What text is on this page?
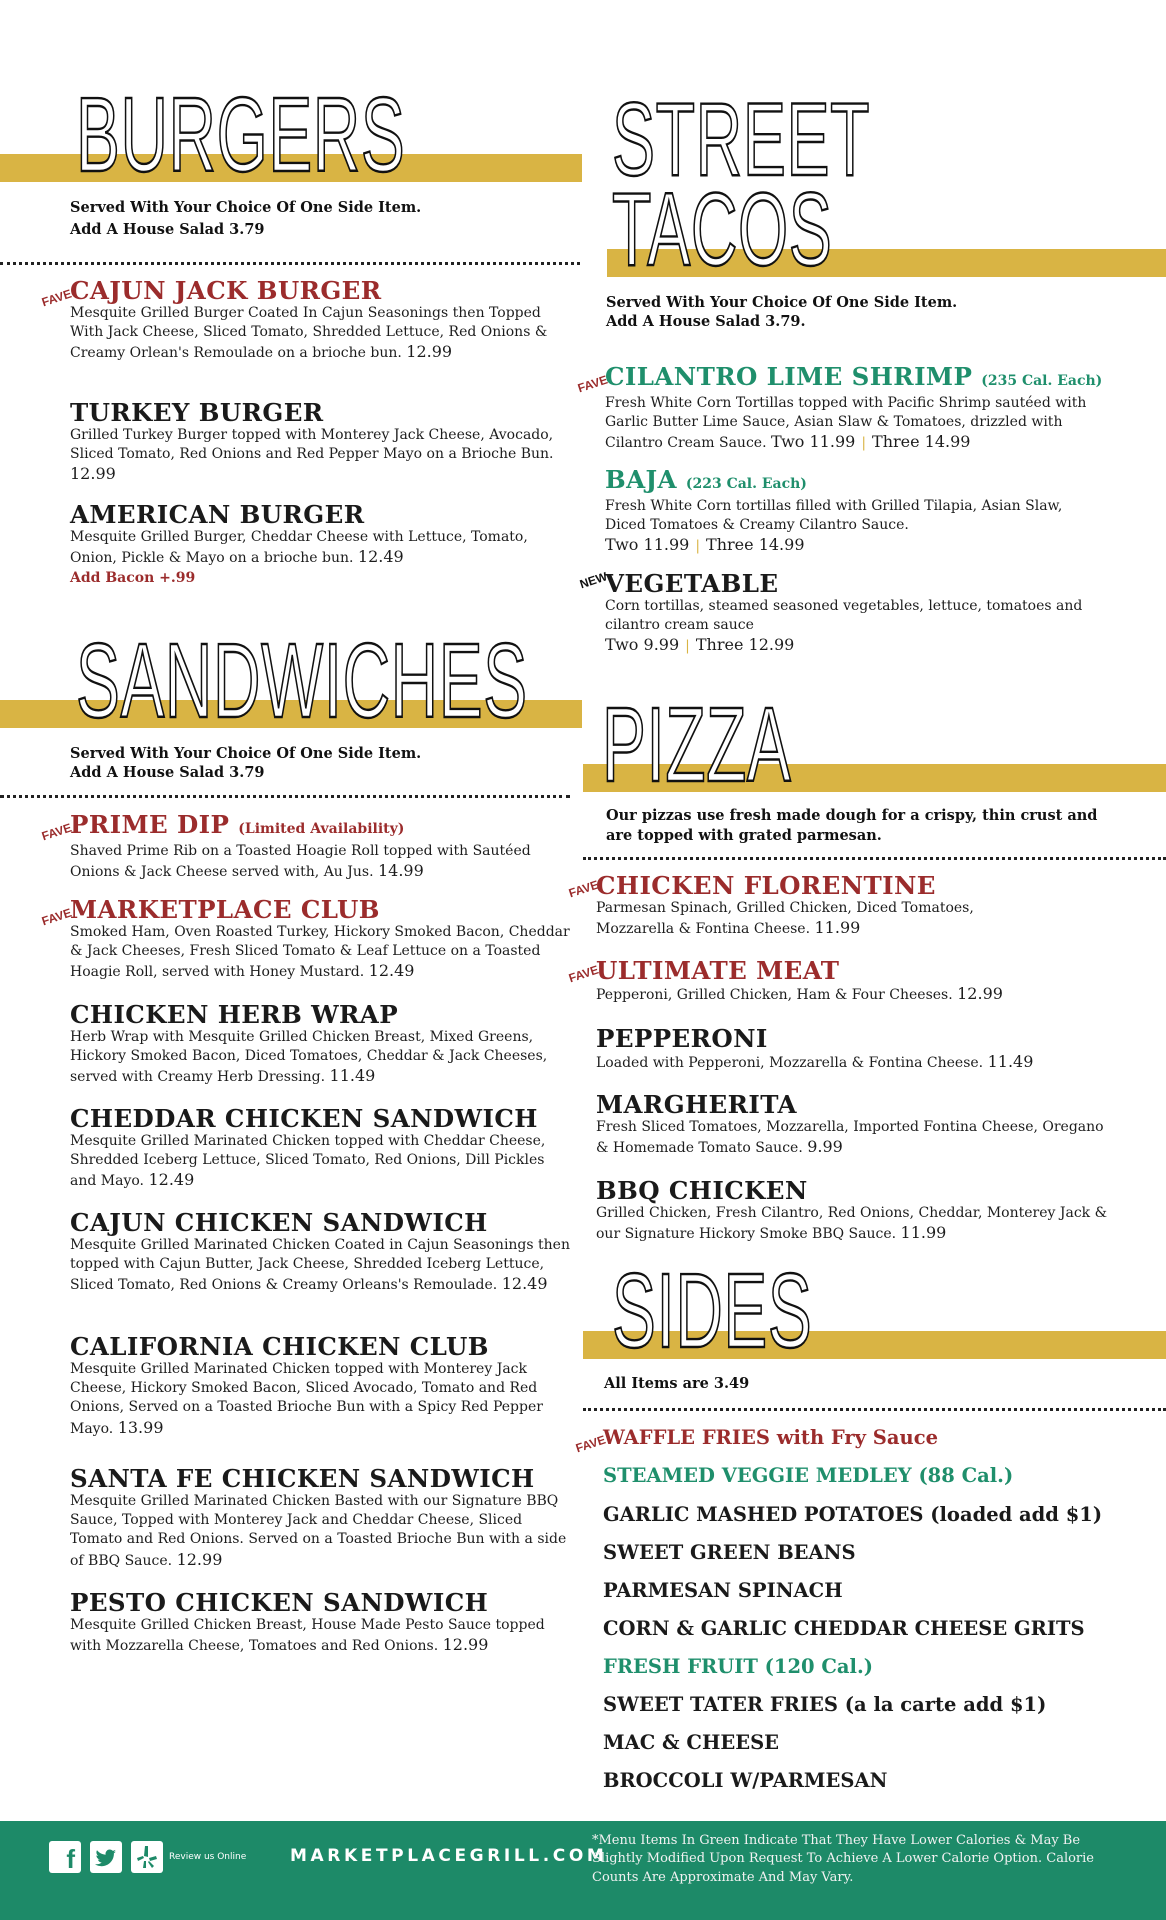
BURGERS
Served With Your Choice Of One Side Item.
Add A House Salad 3.79
FAVE
CAJUN JACK BURGER
Mesquite Grilled Burger Coated In Cajun Seasonings then Topped With Jack Cheese, Sliced Tomato, Shredded Lettuce, Red Onions & Creamy Orlean's Remoulade on a brioche bun. 12.99
TURKEY BURGER
Grilled Turkey Burger topped with Monterey Jack Cheese, Avocado, Sliced Tomato, Red Onions and Red Pepper Mayo on a Brioche Bun. 12.99
AMERICAN BURGER
Mesquite Grilled Burger, Cheddar Cheese with Lettuce, Tomato, Onion, Pickle & Mayo on a brioche bun. 12.49
Add Bacon +.99
SANDWICHES
Served With Your Choice Of One Side Item.
Add A House Salad 3.79
FAVE
PRIME DIP (Limited Availability)
Shaved Prime Rib on a Toasted Hoagie Roll topped with Sautéed Onions & Jack Cheese served with, Au Jus. 14.99
FAVE
MARKETPLACE CLUB
Smoked Ham, Oven Roasted Turkey, Hickory Smoked Bacon, Cheddar & Jack Cheeses, Fresh Sliced Tomato & Leaf Lettuce on a Toasted Hoagie Roll, served with Honey Mustard. 12.49
CHICKEN HERB WRAP
Herb Wrap with Mesquite Grilled Chicken Breast, Mixed Greens, Hickory Smoked Bacon, Diced Tomatoes, Cheddar & Jack Cheeses, served with Creamy Herb Dressing. 11.49
CHEDDAR CHICKEN SANDWICH
Mesquite Grilled Marinated Chicken topped with Cheddar Cheese, Shredded Iceberg Lettuce, Sliced Tomato, Red Onions, Dill Pickles and Mayo. 12.49
CAJUN CHICKEN SANDWICH
Mesquite Grilled Marinated Chicken Coated in Cajun Seasonings then topped with Cajun Butter, Jack Cheese, Shredded Iceberg Lettuce, Sliced Tomato, Red Onions & Creamy Orleans's Remoulade. 12.49
CALIFORNIA CHICKEN CLUB
Mesquite Grilled Marinated Chicken topped with Monterey Jack Cheese, Hickory Smoked Bacon, Sliced Avocado, Tomato and Red Onions, Served on a Toasted Brioche Bun with a Spicy Red Pepper Mayo. 13.99
SANTA FE CHICKEN SANDWICH
Mesquite Grilled Marinated Chicken Basted with our Signature BBQ Sauce, Topped with Monterey Jack and Cheddar Cheese, Sliced Tomato and Red Onions. Served on a Toasted Brioche Bun with a side of BBQ Sauce. 12.99
PESTO CHICKEN SANDWICH
Mesquite Grilled Chicken Breast, House Made Pesto Sauce topped with Mozzarella Cheese, Tomatoes and Red Onions. 12.99
STREET
TACOS
Served With Your Choice Of One Side Item.
Add A House Salad 3.79.
FAVE
CILANTRO LIME SHRIMP (235 Cal. Each)
Fresh White Corn Tortillas topped with Pacific Shrimp sautéed with Garlic Butter Lime Sauce, Asian Slaw & Tomatoes, drizzled with Cilantro Cream Sauce. Two 11.99 | Three 14.99
BAJA (223 Cal. Each)
Fresh White Corn tortillas filled with Grilled Tilapia, Asian Slaw, Diced Tomatoes & Creamy Cilantro Sauce.
Two 11.99 | Three 14.99
NEW
VEGETABLE
Corn tortillas, steamed seasoned vegetables, lettuce, tomatoes and cilantro cream sauce
Two 9.99 | Three 12.99
PIZZA
Our pizzas use fresh made dough for a crispy, thin crust and are topped with grated parmesan.
FAVE
CHICKEN FLORENTINE
Parmesan Spinach, Grilled Chicken, Diced Tomatoes, Mozzarella & Fontina Cheese. 11.99
FAVE
ULTIMATE MEAT
Pepperoni, Grilled Chicken, Ham & Four Cheeses. 12.99
PEPPERONI
Loaded with Pepperoni, Mozzarella & Fontina Cheese. 11.49
MARGHERITA
Fresh Sliced Tomatoes, Mozzarella, Imported Fontina Cheese, Oregano & Homemade Tomato Sauce. 9.99
BBQ CHICKEN
Grilled Chicken, Fresh Cilantro, Red Onions, Cheddar, Monterey Jack & our Signature Hickory Smoke BBQ Sauce. 11.99
SIDES
All Items are 3.49
FAVE
WAFFLE FRIES with Fry Sauce
STEAMED VEGGIE MEDLEY (88 Cal.)
GARLIC MASHED POTATOES (loaded add $1)
SWEET GREEN BEANS
PARMESAN SPINACH
CORN & GARLIC CHEDDAR CHEESE GRITS
FRESH FRUIT (120 Cal.)
SWEET TATER FRIES (a la carte add $1)
MAC & CHEESE
BROCCOLI W/PARMESAN
f	Review us Online	MARKETPLACEGRILL.COM
*Menu Items In Green Indicate That They Have Lower Calories & May Be Slightly Modified Upon Request To Achieve A Lower Calorie Option. Calorie Counts Are Approximate And May Vary.
